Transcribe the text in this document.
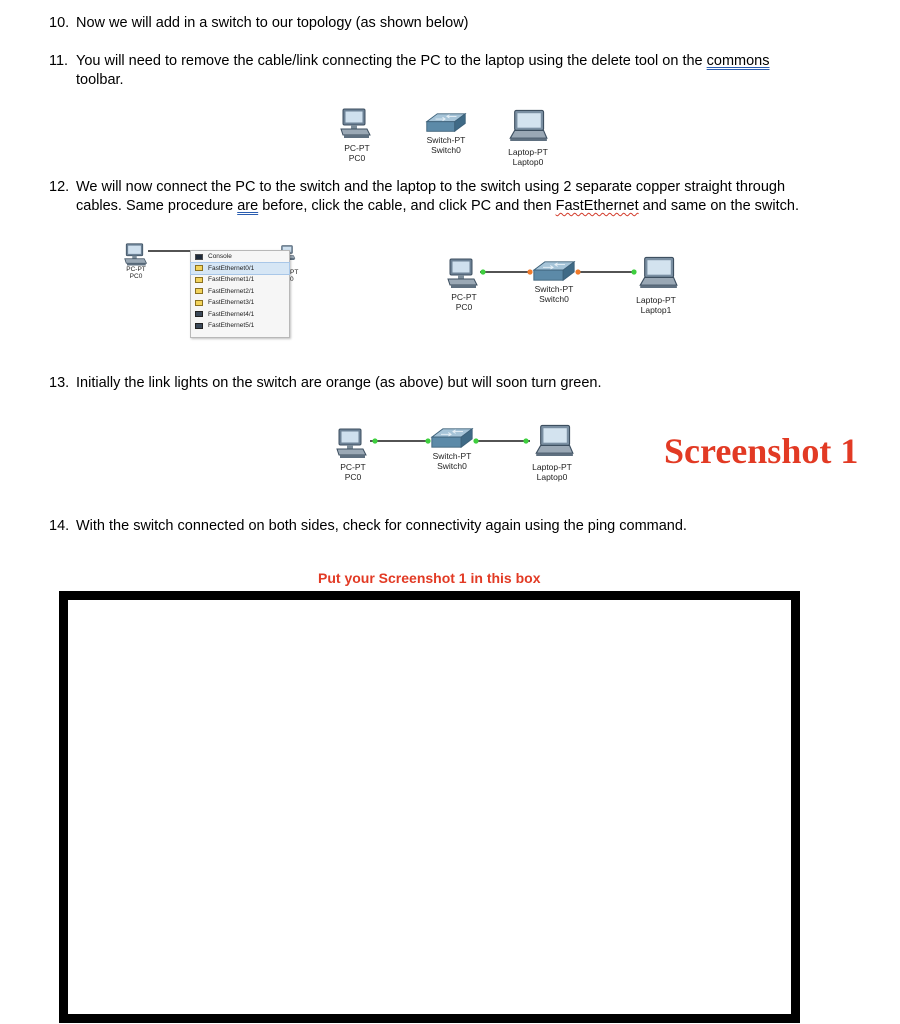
10. Now we will add in a switch to our topology (as shown below)
11. You will need to remove the cable/link connecting the PC to the laptop using the delete tool on the commons
toolbar.
PC-PT
PC0
Switch-PT
Switch0	Laptop-PT
Laptop0
12. We will now connect the PC to the switch and the laptop to the switch using 2 separate copper straight through
cables. Same procedure are before, click the cable, and click PC and then FastEthernet and same on the switch.
PC-PT
PC0
PT
0
Console
FastEthernet0/1
FastEthernet1/1
FastEthernet2/1
FastEthernet3/1
FastEthernet4/1
FastEthernet5/1
PC-PT
PC0
Switch-PT
Switch0	Laptop-PT
Laptop1
13. Initially the link lights on the switch are orange (as above) but will soon turn green.
PC-PT
PC0
Switch-PT
Switch0	Laptop-PT
Laptop0
Screenshot 1
14. With the switch connected on both sides, check for connectivity again using the ping command.
Put your Screenshot 1 in this box
